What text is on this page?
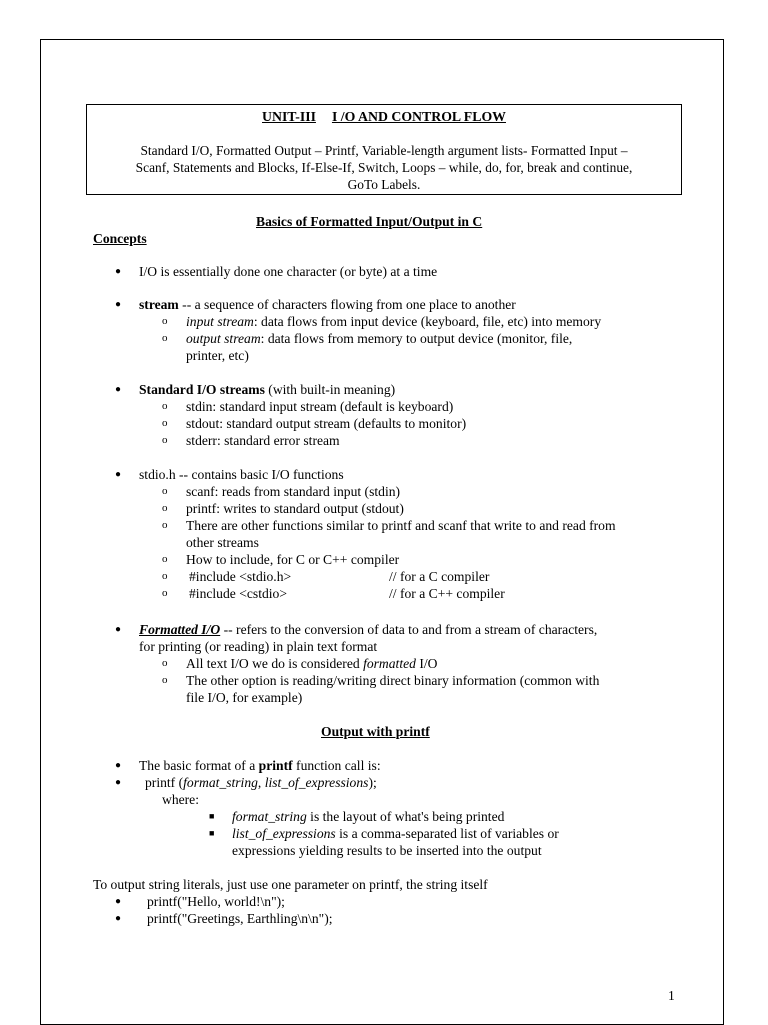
UNIT-III I /O AND CONTROL FLOW
Standard I/O, Formatted Output – Printf, Variable-length argument lists- Formatted Input –
Scanf, Statements and Blocks, If-Else-If, Switch, Loops – while, do, for, break and continue,
GoTo Labels.
Basics of Formatted Input/Output in C
Concepts
● I/O is essentially done one character (or byte) at a time
● stream -- a sequence of characters flowing from one place to another
o input stream: data flows from input device (keyboard, file, etc) into memory
o output stream: data flows from memory to output device (monitor, file,
printer, etc)
● Standard I/O streams (with built-in meaning)
o stdin: standard input stream (default is keyboard)
o stdout: standard output stream (defaults to monitor)
o stderr: standard error stream
● stdio.h -- contains basic I/O functions
o scanf: reads from standard input (stdin)
o printf: writes to standard output (stdout)
o There are other functions similar to printf and scanf that write to and read from
other streams
o How to include, for C or C++ compiler
o #include <stdio.h>	// for a C compiler
o #include <cstdio>	// for a C++ compiler
● Formatted I/O -- refers to the conversion of data to and from a stream of characters,
for printing (or reading) in plain text format
o All text I/O we do is considered formatted I/O
o The other option is reading/writing direct binary information (common with
file I/O, for example)
Output with printf
● The basic format of a printf function call is:
● printf (format_string, list_of_expressions);
where:
■ format_string is the layout of what's being printed
■ list_of_expressions is a comma-separated list of variables or
expressions yielding results to be inserted into the output
To output string literals, just use one parameter on printf, the string itself
● printf("Hello, world!\n");
● printf("Greetings, Earthling\n\n");
1
